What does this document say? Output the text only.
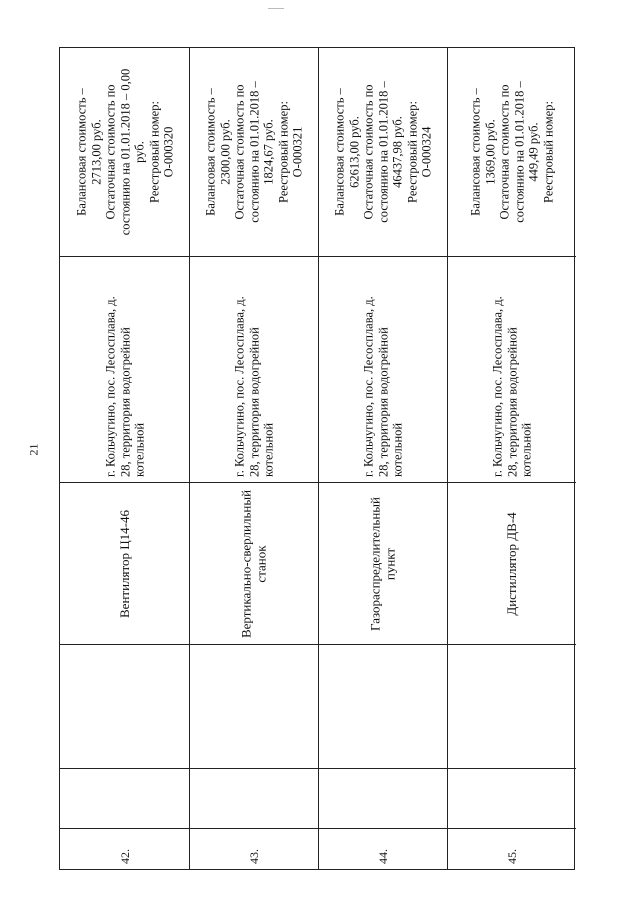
21
Балансовая стоимость – 2713,00 руб. Остаточная стоимость по состоянию на 01.01.2018 – 0,00 руб. Реестровый номер: О-000320
г. Кольчугино, пос. Лесосплава, д. 28, территория водогрейной котельной
Вентилятор Ц14-46
42.
Балансовая стоимость – 2300,00 руб. Остаточная стоимость по состоянию на 01.01.2018 – 1824,67 руб. Реестровый номер: О-000321
г. Кольчугино, пос. Лесосплава, д. 28, территория водогрейной котельной
Вертикально-сверлильный станок
43.
Балансовая стоимость – 62613,00 руб. Остаточная стоимость по состоянию на 01.01.2018 – 46437,98 руб. Реестровый номер: О-000324
г. Кольчугино, пос. Лесосплава, д. 28, территория водогрейной котельной
Газораспределительный пункт
44.
Балансовая стоимость – 1369,00 руб. Остаточная стоимость по состоянию на 01.01.2018 – 449,49 руб. Реестровый номер:
г. Кольчугино, пос. Лесосплава, д. 28, территория водогрейной котельной
Дистиллятор ДВ-4
45.
